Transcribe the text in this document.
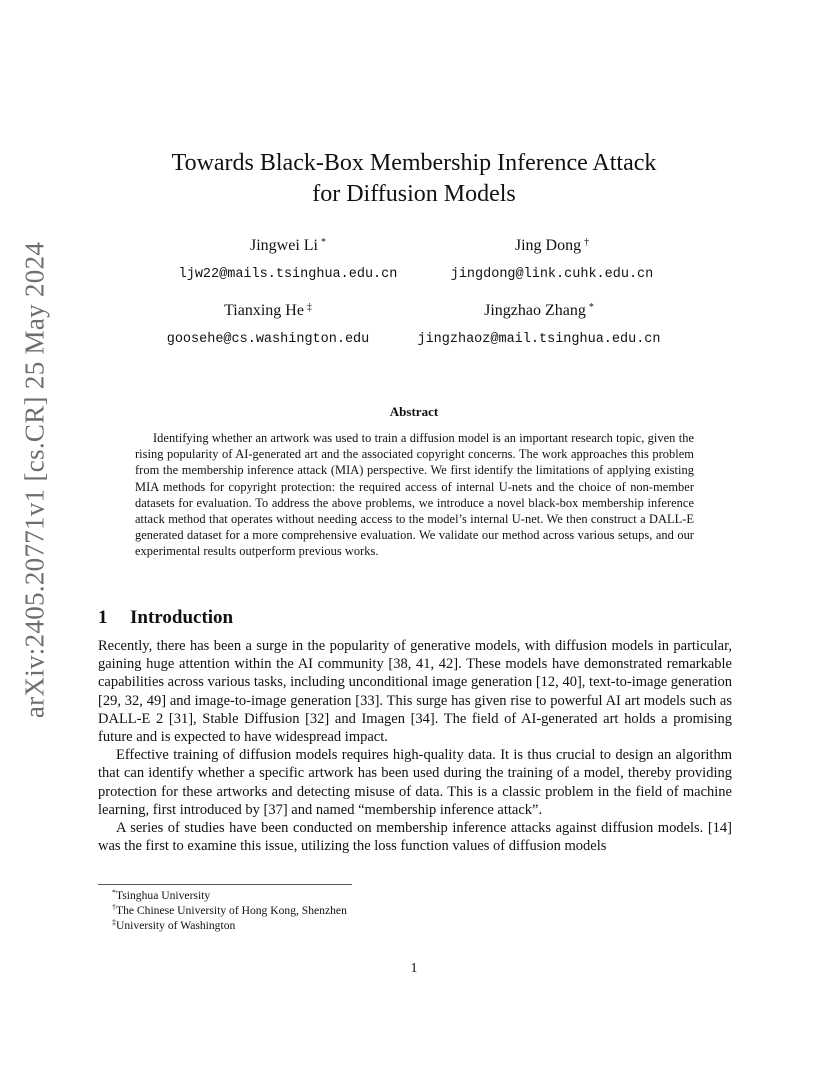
arXiv:2405.20771v1 [cs.CR] 25 May 2024
Towards Black-Box Membership Inference Attack
for Diffusion Models
Jingwei Li *
ljw22@mails.tsinghua.edu.cn
Jing Dong †
jingdong@link.cuhk.edu.cn
Tianxing He ‡
goosehe@cs.washington.edu
Jingzhao Zhang *
jingzhaoz@mail.tsinghua.edu.cn
Abstract

Identifying whether an artwork was used to train a diffusion model is an important research topic, given the rising popularity of AI-generated art and the associated copyright concerns. The work approaches this problem from the membership inference attack (MIA) perspective. We first identify the limitations of applying existing MIA methods for copyright protection: the required access of internal U-nets and the choice of non-member datasets for evaluation. To address the above problems, we introduce a novel black-box membership inference attack method that operates without needing access to the model’s internal U-net. We then construct a DALL-E generated dataset for a more comprehensive evaluation. We validate our method across various setups, and our experimental results outperform previous works.

1 Introduction

Recently, there has been a surge in the popularity of generative models, with diffusion models in particular, gaining huge attention within the AI community [38, 41, 42]. These models have demonstrated remarkable capabilities across various tasks, including unconditional image generation [12, 40], text-to-image generation [29, 32, 49] and image-to-image generation [33]. This surge has given rise to powerful AI art models such as DALL-E 2 [31], Stable Diffusion [32] and Imagen [34]. The field of AI-generated art holds a promising future and is expected to have widespread impact.

Effective training of diffusion models requires high-quality data. It is thus crucial to design an algorithm that can identify whether a specific artwork has been used during the training of a model, thereby providing protection for these artworks and detecting misuse of data. This is a classic problem in the field of machine learning, first introduced by [37] and named “membership inference attack”.

A series of studies have been conducted on membership inference attacks against diffusion models. [14] was the first to examine this issue, utilizing the loss function values of diffusion models

*Tsinghua University
†The Chinese University of Hong Kong, Shenzhen
‡University of Washington
1
